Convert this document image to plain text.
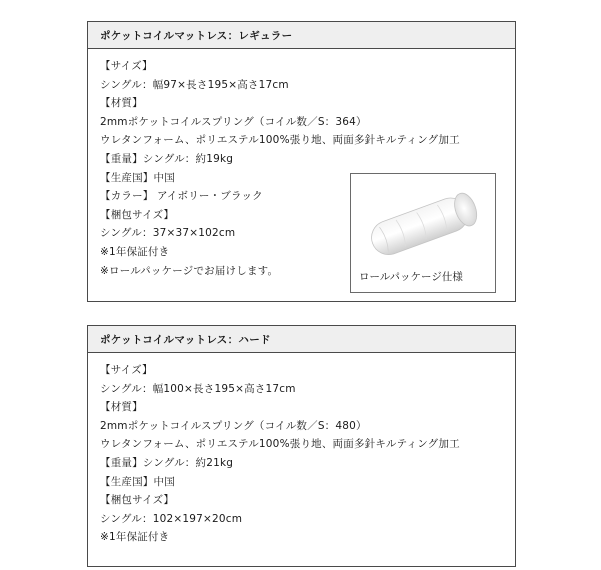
ポケットコイルマットレス：レギュラー
【サイズ】
シングル：幅97×長さ195×高さ17cm
【材質】
2mmポケットコイルスプリング（コイル数／S：364）
ウレタンフォーム、ポリエステル100%張り地、両面多針キルティング加工
【重量】シングル：約19kg
【生産国】中国
【カラー】 アイボリー・ブラック
【梱包サイズ】
シングル：37×37×102cm
※1年保証付き
※ロールパッケージでお届けします。
ロールパッケージ仕様
ポケットコイルマットレス：ハード
【サイズ】
シングル：幅100×長さ195×高さ17cm
【材質】
2mmポケットコイルスプリング（コイル数／S：480）
ウレタンフォーム、ポリエステル100%張り地、両面多針キルティング加工
【重量】シングル：約21kg
【生産国】中国
【梱包サイズ】
シングル：102×197×20cm
※1年保証付き
